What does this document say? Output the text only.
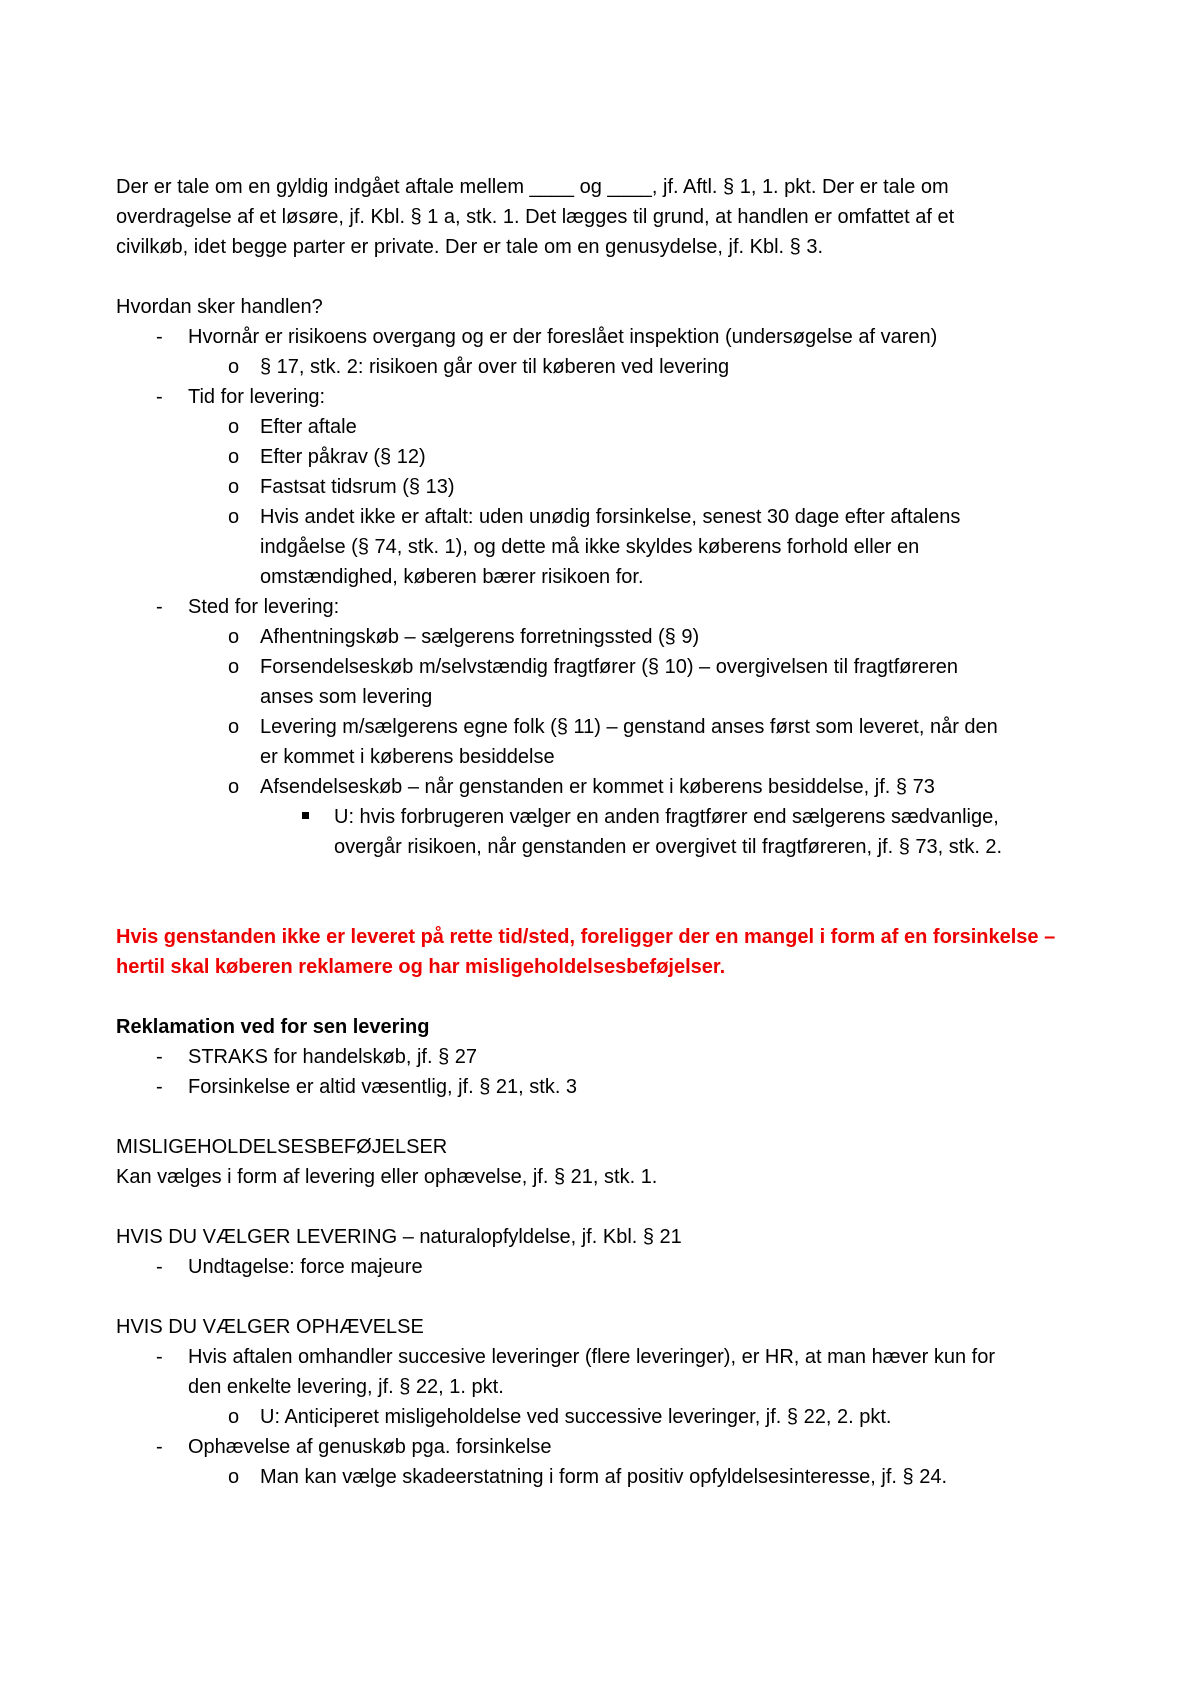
Der er tale om en gyldig indgået aftale mellem ____ og ____, jf. Aftl. § 1, 1. pkt. Der er tale om
overdragelse af et løsøre, jf. Kbl. § 1 a, stk. 1. Det lægges til grund, at handlen er omfattet af et
civilkøb, idet begge parter er private. Der er tale om en genusydelse, jf. Kbl. § 3.
Hvordan sker handlen?
- Hvornår er risikoens overgang og er der foreslået inspektion (undersøgelse af varen)
o § 17, stk. 2: risikoen går over til køberen ved levering
- Tid for levering:
o Efter aftale
o Efter påkrav (§ 12)
o Fastsat tidsrum (§ 13)
o Hvis andet ikke er aftalt: uden unødig forsinkelse, senest 30 dage efter aftalens
indgåelse (§ 74, stk. 1), og dette må ikke skyldes køberens forhold eller en
omstændighed, køberen bærer risikoen for.
- Sted for levering:
o Afhentningskøb – sælgerens forretningssted (§ 9)
o Forsendelseskøb m/selvstændig fragtfører (§ 10) – overgivelsen til fragtføreren
anses som levering
o Levering m/sælgerens egne folk (§ 11) – genstand anses først som leveret, når den
er kommet i køberens besiddelse
o Afsendelseskøb – når genstanden er kommet i køberens besiddelse, jf. § 73
U: hvis forbrugeren vælger en anden fragtfører end sælgerens sædvanlige,
overgår risikoen, når genstanden er overgivet til fragtføreren, jf. § 73, stk. 2.
Hvis genstanden ikke er leveret på rette tid/sted, foreligger der en mangel i form af en forsinkelse –
hertil skal køberen reklamere og har misligeholdelsesbeføjelser.
Reklamation ved for sen levering
- STRAKS for handelskøb, jf. § 27
- Forsinkelse er altid væsentlig, jf. § 21, stk. 3
MISLIGEHOLDELSESBEFØJELSER
Kan vælges i form af levering eller ophævelse, jf. § 21, stk. 1.
HVIS DU VÆLGER LEVERING – naturalopfyldelse, jf. Kbl. § 21
- Undtagelse: force majeure
HVIS DU VÆLGER OPHÆVELSE
- Hvis aftalen omhandler succesive leveringer (flere leveringer), er HR, at man hæver kun for
den enkelte levering, jf. § 22, 1. pkt.
o U: Anticiperet misligeholdelse ved successive leveringer, jf. § 22, 2. pkt.
- Ophævelse af genuskøb pga. forsinkelse
o Man kan vælge skadeerstatning i form af positiv opfyldelsesinteresse, jf. § 24.
